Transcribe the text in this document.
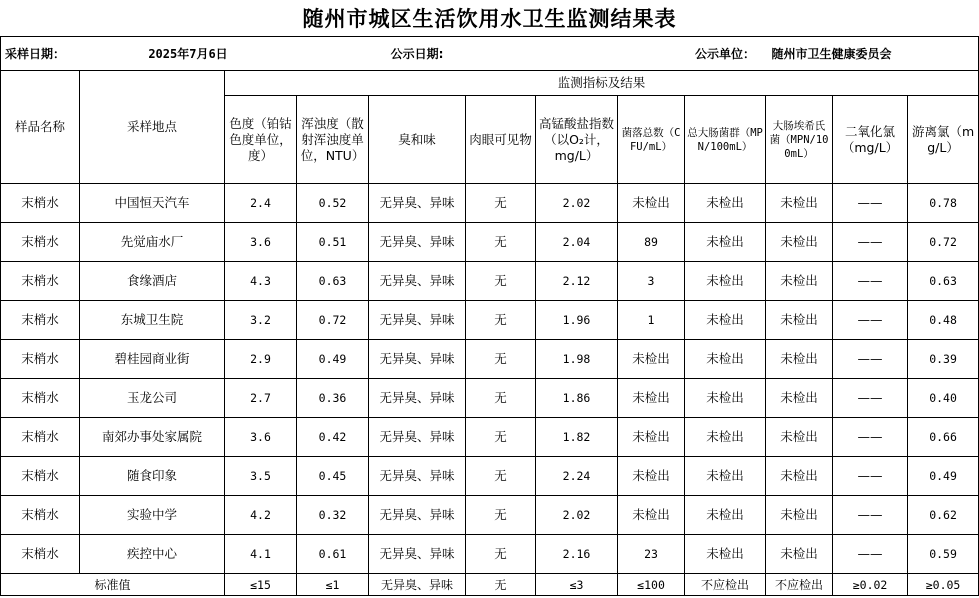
随州市城区生活饮用水卫生监测结果表
采样日期：	2025年7月6日			公示日期:				公示单位：	随州市卫生健康委员会		
样品名称	采样地点	监测指标及结果									
		色度（铂钴色度单位，度）	浑浊度（散射浑浊度单位，NTU）	臭和味	肉眼可见物	高锰酸盐指数（以O₂计，mg/L）	菌落总数（CFU/mL）	总大肠菌群（MPN/100mL）	大肠埃希氏菌（MPN/100mL）	二氧化氯（mg/L）	游离氯（mg/L）
末梢水	中国恒天汽车	2.4	0.52	无异臭、异味	无	2.02	未检出	未检出	未检出	——	0.78
末梢水	先觉庙水厂	3.6	0.51	无异臭、异味	无	2.04	89	未检出	未检出	——	0.72
末梢水	食缘酒店	4.3	0.63	无异臭、异味	无	2.12	3	未检出	未检出	——	0.63
末梢水	东城卫生院	3.2	0.72	无异臭、异味	无	1.96	1	未检出	未检出	——	0.48
末梢水	碧桂园商业街	2.9	0.49	无异臭、异味	无	1.98	未检出	未检出	未检出	——	0.39
末梢水	玉龙公司	2.7	0.36	无异臭、异味	无	1.86	未检出	未检出	未检出	——	0.40
末梢水	南郊办事处家属院	3.6	0.42	无异臭、异味	无	1.82	未检出	未检出	未检出	——	0.66
末梢水	随食印象	3.5	0.45	无异臭、异味	无	2.24	未检出	未检出	未检出	——	0.49
末梢水	实验中学	4.2	0.32	无异臭、异味	无	2.02	未检出	未检出	未检出	——	0.62
末梢水	疾控中心	4.1	0.61	无异臭、异味	无	2.16	23	未检出	未检出	——	0.59
标准值		≤15	≤1	无异臭、异味	无	≤3	≤100	不应检出	不应检出	≥0.02	≥0.05
